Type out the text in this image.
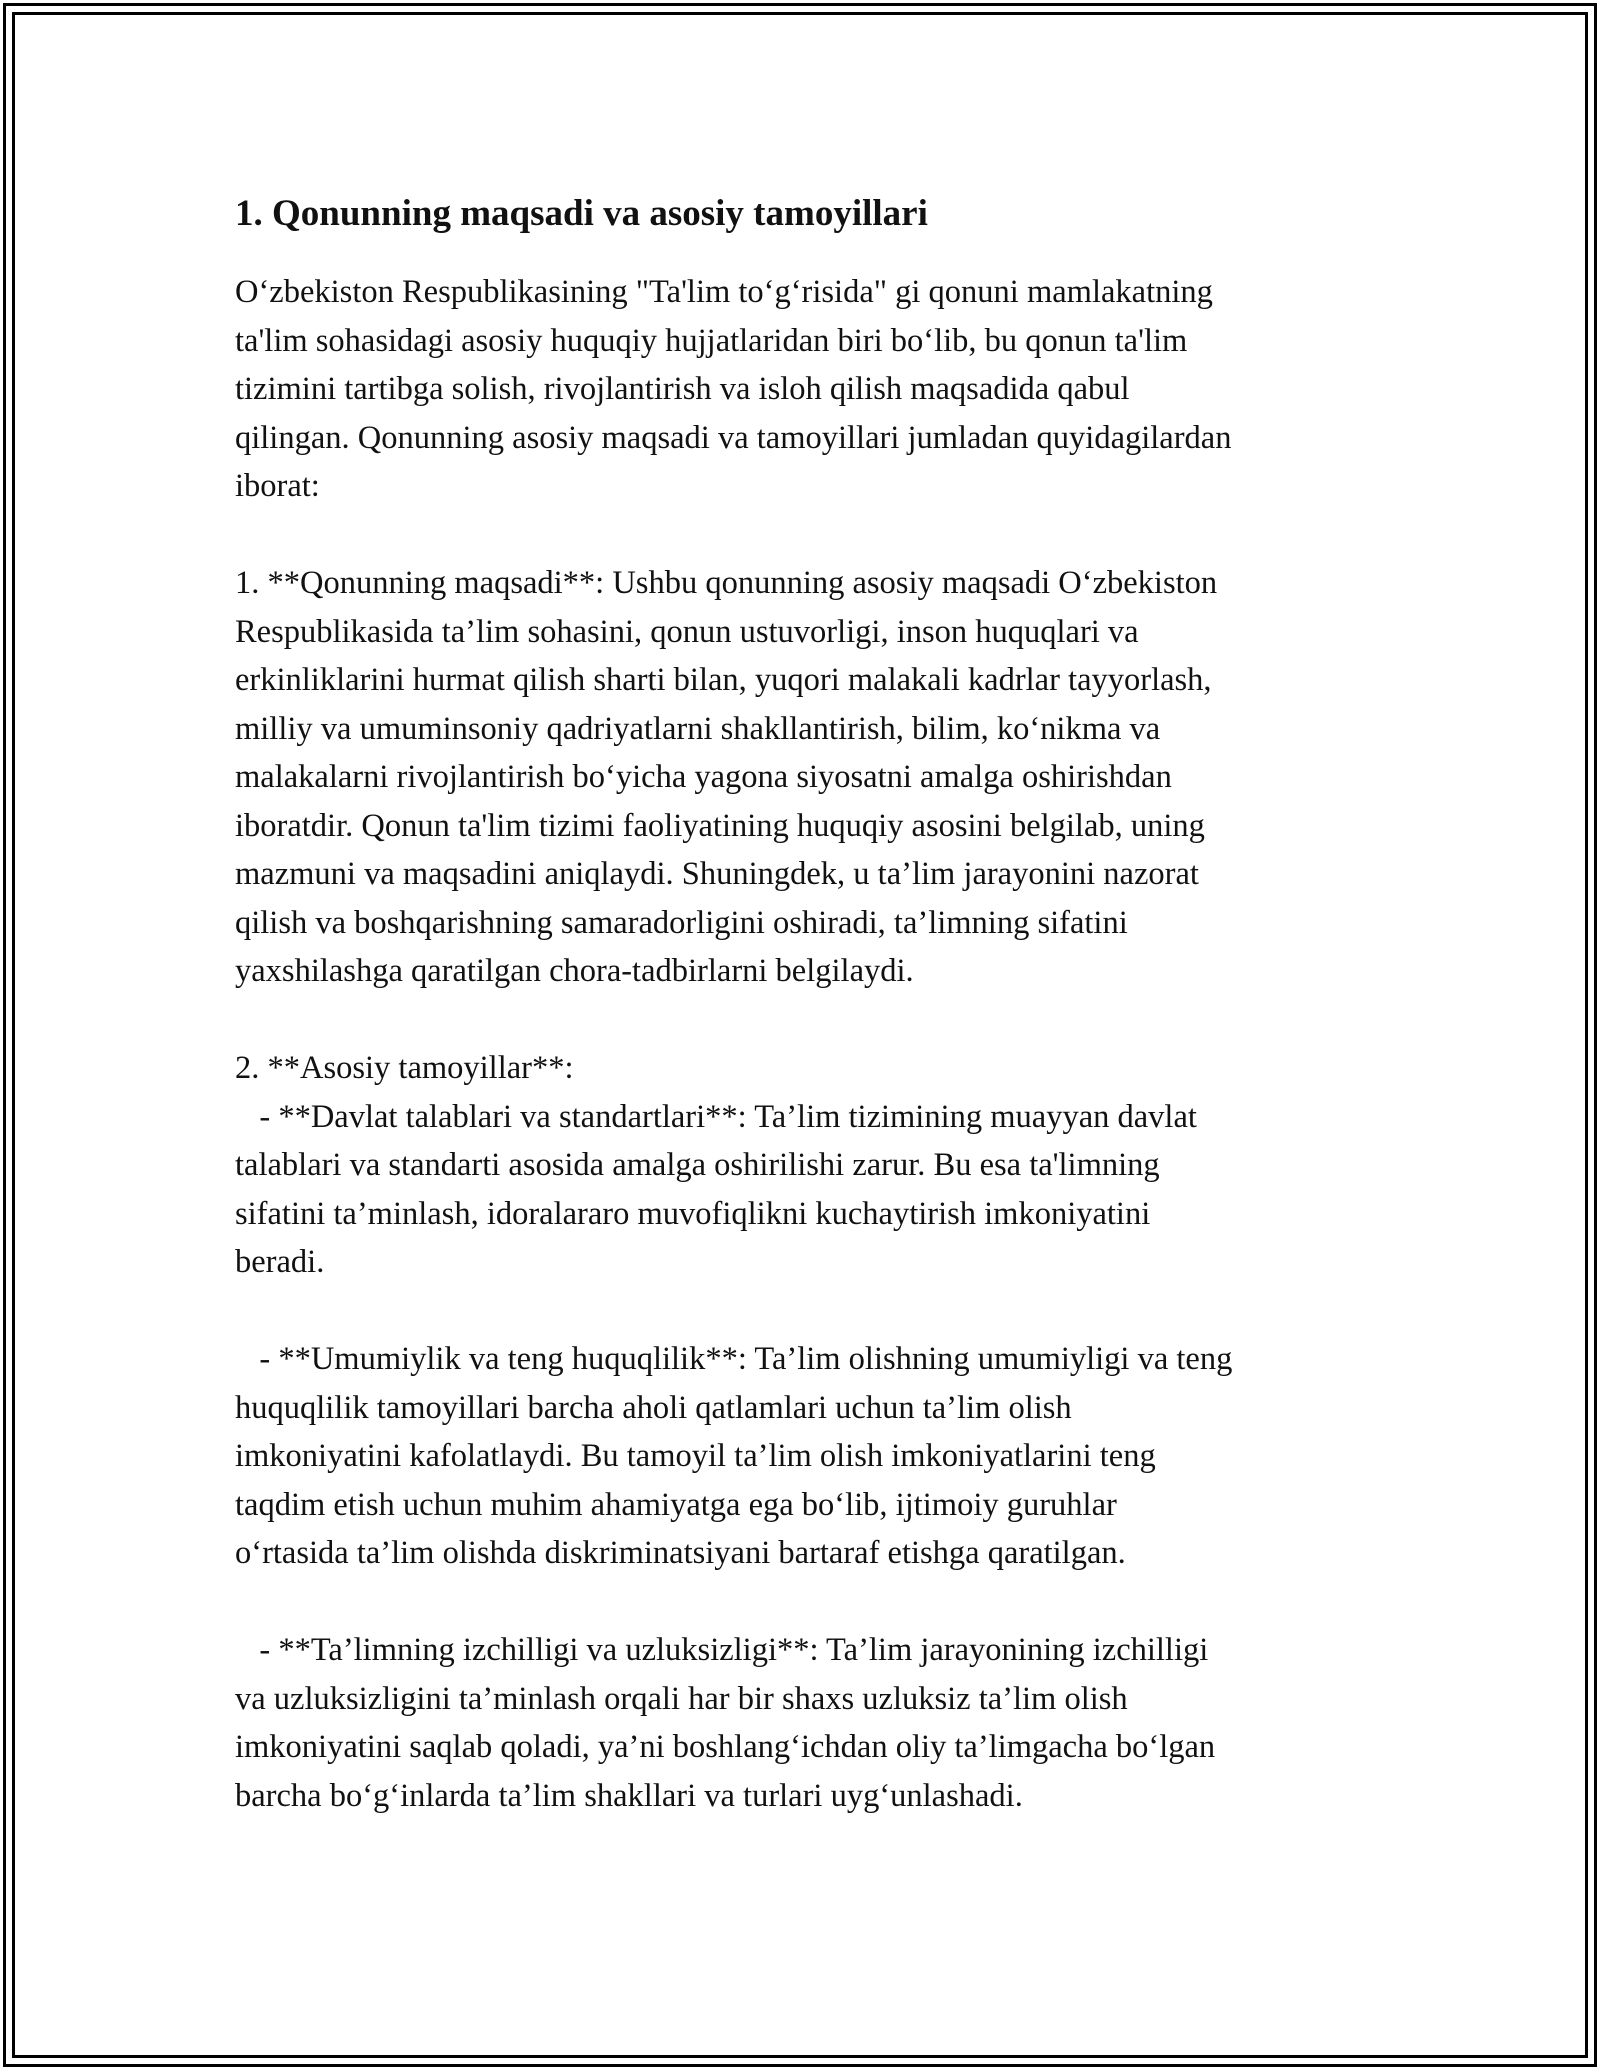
1. Qonunning maqsadi va asosiy tamoyillari

O‘zbekiston Respublikasining "Ta'lim to‘g‘risida" gi qonuni mamlakatning
ta'lim sohasidagi asosiy huquqiy hujjatlaridan biri bo‘lib, bu qonun ta'lim
tizimini tartibga solish, rivojlantirish va isloh qilish maqsadida qabul
qilingan. Qonunning asosiy maqsadi va tamoyillari jumladan quyidagilardan
iborat:

1. **Qonunning maqsadi**: Ushbu qonunning asosiy maqsadi O‘zbekiston
Respublikasida ta’lim sohasini, qonun ustuvorligi, inson huquqlari va
erkinliklarini hurmat qilish sharti bilan, yuqori malakali kadrlar tayyorlash,
milliy va umuminsoniy qadriyatlarni shakllantirish, bilim, ko‘nikma va
malakalarni rivojlantirish bo‘yicha yagona siyosatni amalga oshirishdan
iboratdir. Qonun ta'lim tizimi faoliyatining huquqiy asosini belgilab, uning
mazmuni va maqsadini aniqlaydi. Shuningdek, u ta’lim jarayonini nazorat
qilish va boshqarishning samaradorligini oshiradi, ta’limning sifatini
yaxshilashga qaratilgan chora-tadbirlarni belgilaydi.

2. **Asosiy tamoyillar**:
- **Davlat talablari va standartlari**: Ta’lim tizimining muayyan davlat
talablari va standarti asosida amalga oshirilishi zarur. Bu esa ta'limning
sifatini ta’minlash, idoralararo muvofiqlikni kuchaytirish imkoniyatini
beradi.

- **Umumiylik va teng huquqlilik**: Ta’lim olishning umumiyligi va teng
huquqlilik tamoyillari barcha aholi qatlamlari uchun ta’lim olish
imkoniyatini kafolatlaydi. Bu tamoyil ta’lim olish imkoniyatlarini teng
taqdim etish uchun muhim ahamiyatga ega bo‘lib, ijtimoiy guruhlar
o‘rtasida ta’lim olishda diskriminatsiyani bartaraf etishga qaratilgan.

- **Ta’limning izchilligi va uzluksizligi**: Ta’lim jarayonining izchilligi
va uzluksizligini ta’minlash orqali har bir shaxs uzluksiz ta’lim olish
imkoniyatini saqlab qoladi, ya’ni boshlang‘ichdan oliy ta’limgacha bo‘lgan
barcha bo‘g‘inlarda ta’lim shakllari va turlari uyg‘unlashadi.
